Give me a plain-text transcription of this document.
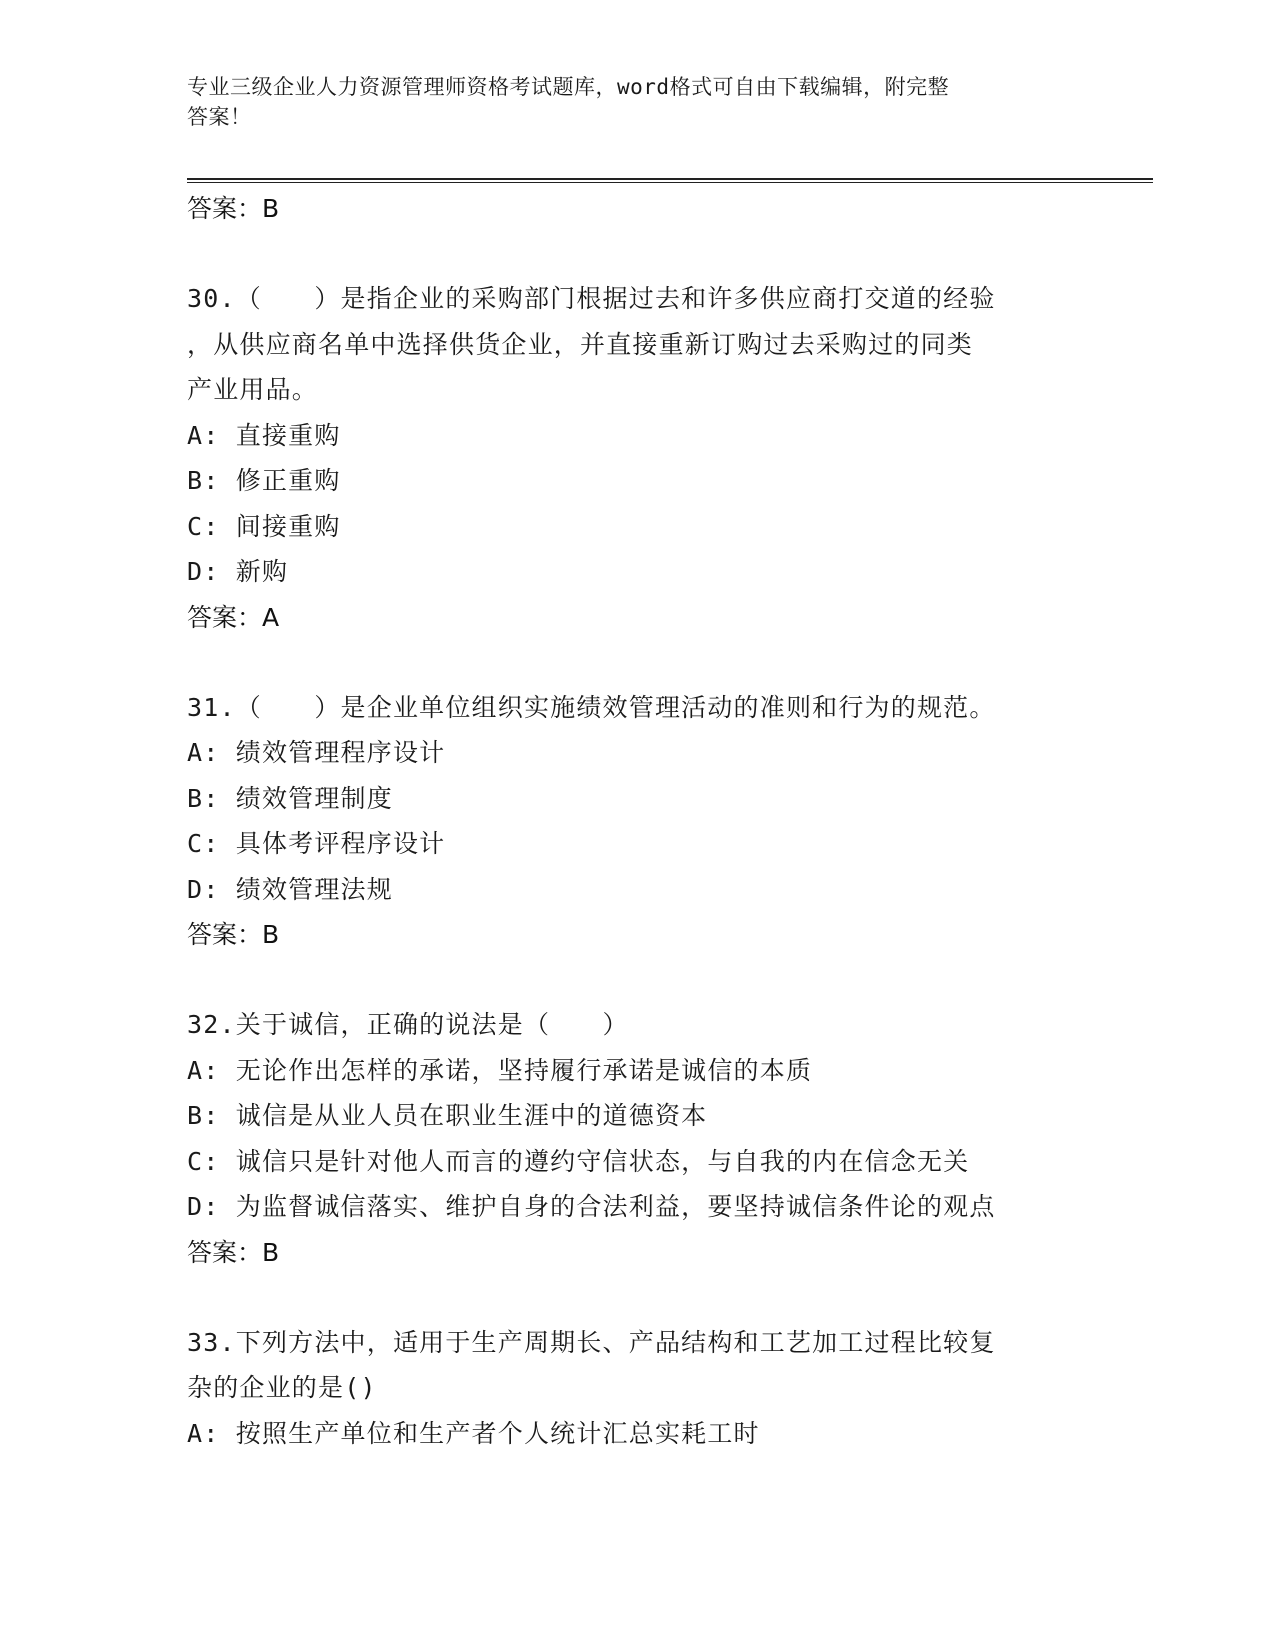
专业三级企业人力资源管理师资格考试题库，word格式可自由下载编辑，附完整
答案！
答案：B
30.（　　）是指企业的采购部门根据过去和许多供应商打交道的经验
，从供应商名单中选择供货企业，并直接重新订购过去采购过的同类
产业用品。
A: 直接重购
B: 修正重购
C: 间接重购
D: 新购
答案：A
31.（　　）是企业单位组织实施绩效管理活动的准则和行为的规范。
A: 绩效管理程序设计
B: 绩效管理制度
C: 具体考评程序设计
D: 绩效管理法规
答案：B
32.关于诚信，正确的说法是（　　）
A: 无论作出怎样的承诺，坚持履行承诺是诚信的本质
B: 诚信是从业人员在职业生涯中的道德资本
C: 诚信只是针对他人而言的遵约守信状态，与自我的内在信念无关
D: 为监督诚信落实、维护自身的合法利益，要坚持诚信条件论的观点
答案：B
33.下列方法中，适用于生产周期长、产品结构和工艺加工过程比较复
杂的企业的是()
A: 按照生产单位和生产者个人统计汇总实耗工时
